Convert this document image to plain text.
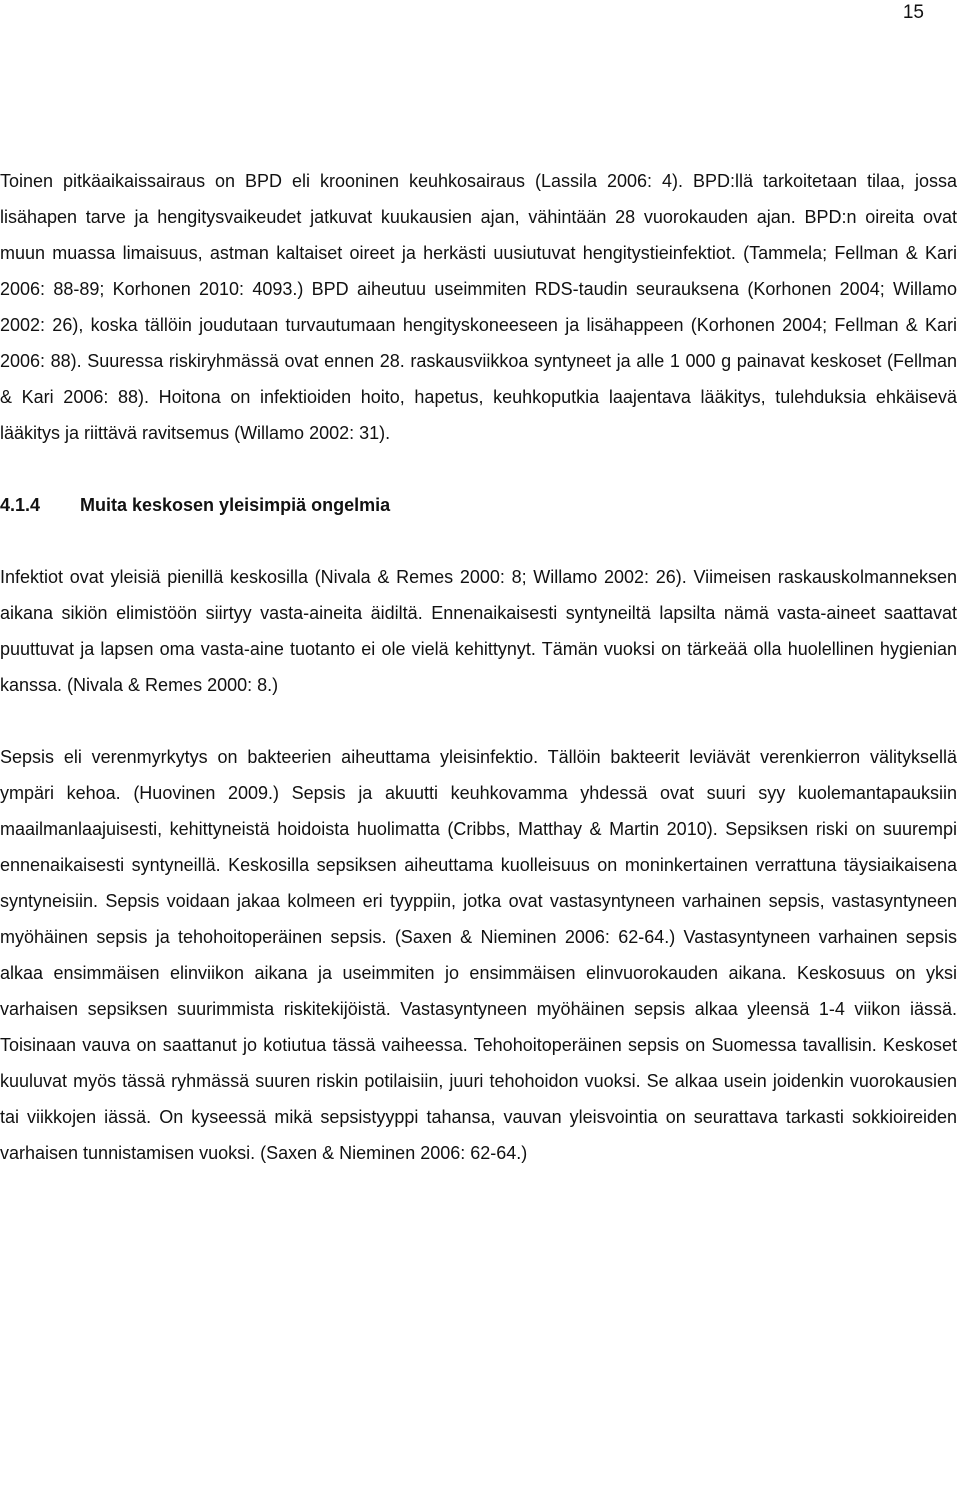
15

Toinen pitkäaikaissairaus on BPD eli krooninen keuhkosairaus (Lassila 2006: 4). BPD:llä tarkoitetaan tilaa, jossa lisähapen tarve ja hengitysvaikeudet jatkuvat kuukausien ajan, vähintään 28 vuorokauden ajan. BPD:n oireita ovat muun muassa limaisuus, astman kaltaiset oireet ja herkästi uusiutuvat hengitystieinfektiot. (Tammela; Fellman & Kari 2006: 88-89; Korhonen 2010: 4093.) BPD aiheutuu useimmiten RDS-taudin seurauksena (Korhonen 2004; Willamo 2002: 26), koska tällöin joudutaan turvautumaan hengityskoneeseen ja lisähappeen (Korhonen 2004; Fellman & Kari 2006: 88). Suuressa riskiryhmässä ovat ennen 28. raskausviikkoa syntyneet ja alle 1 000 g painavat keskoset (Fellman & Kari 2006: 88). Hoitona on infektioiden hoito, hapetus, keuhkoputkia laajentava lääkitys, tulehduksia ehkäisevä lääkitys ja riittävä ravitsemus (Willamo 2002: 31).

4.1.4 Muita keskosen yleisimpiä ongelmia

Infektiot ovat yleisiä pienillä keskosilla (Nivala & Remes 2000: 8; Willamo 2002: 26). Viimeisen raskauskolmanneksen aikana sikiön elimistöön siirtyy vasta-aineita äidiltä. Ennenaikaisesti syntyneiltä lapsilta nämä vasta-aineet saattavat puuttuvat ja lapsen oma vasta-aine tuotanto ei ole vielä kehittynyt. Tämän vuoksi on tärkeää olla huolellinen hygienian kanssa. (Nivala & Remes 2000: 8.)

Sepsis eli verenmyrkytys on bakteerien aiheuttama yleisinfektio. Tällöin bakteerit leviävät verenkierron välityksellä ympäri kehoa. (Huovinen 2009.) Sepsis ja akuutti keuhkovamma yhdessä ovat suuri syy kuolemantapauksiin maailmanlaajuisesti, kehittyneistä hoidoista huolimatta (Cribbs, Matthay & Martin 2010). Sepsiksen riski on suurempi ennenaikaisesti syntyneillä. Keskosilla sepsiksen aiheuttama kuolleisuus on moninkertainen verrattuna täysiaikaisena syntyneisiin. Sepsis voidaan jakaa kolmeen eri tyyppiin, jotka ovat vastasyntyneen varhainen sepsis, vastasyntyneen myöhäinen sepsis ja tehohoitoperäinen sepsis. (Saxen & Nieminen 2006: 62-64.) Vastasyntyneen varhainen sepsis alkaa ensimmäisen elinviikon aikana ja useimmiten jo ensimmäisen elinvuorokauden aikana. Keskosuus on yksi varhaisen sepsiksen suurimmista riskitekijöistä. Vastasyntyneen myöhäinen sepsis alkaa yleensä 1-4 viikon iässä. Toisinaan vauva on saattanut jo kotiutua tässä vaiheessa. Tehohoitoperäinen sepsis on Suomessa tavallisin. Keskoset kuuluvat myös tässä ryhmässä suuren riskin potilaisiin, juuri tehohoidon vuoksi. Se alkaa usein joidenkin vuorokausien tai viikkojen iässä. On kyseessä mikä sepsistyyppi tahansa, vauvan yleisvointia on seurattava tarkasti sokkioireiden varhaisen tunnistamisen vuoksi. (Saxen & Nieminen 2006: 62-64.)
